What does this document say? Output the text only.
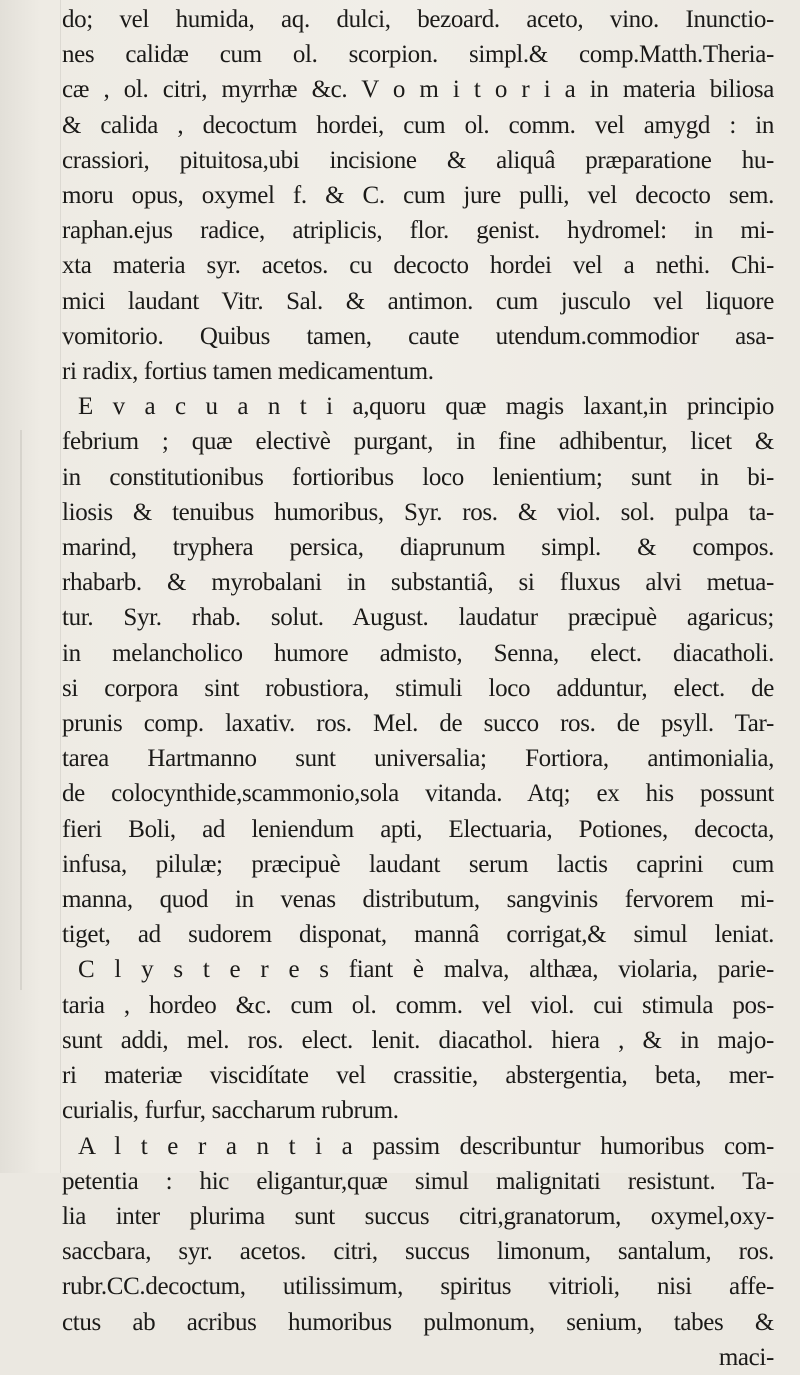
do; vel humida, aq. dulci, bezoard. aceto, vino. Inunctio-
nes calidæ cum ol. scorpion. simpl.& comp.Matth.Theria-
cæ , ol. citri, myrrhæ &c. V o m i t o r i a in materia biliosa
& calida , decoctum hordei, cum ol. comm. vel amygd : in
crassiori, pituitosa,ubi incisione & aliquâ præparatione hu-
moru opus, oxymel f. & C. cum jure pulli, vel decocto sem.
raphan.ejus radice, atriplicis, flor. genist. hydromel: in mi-
xta materia syr. acetos. cu decocto hordei vel a nethi. Chi-
mici laudant Vitr. Sal. & antimon. cum jusculo vel liquore
vomitorio. Quibus tamen, caute utendum.commodior asa-
ri radix, fortius tamen medicamentum.
E v a c u a n t i a,quoru quæ magis laxant,in principio
febrium ; quæ electivè purgant, in fine adhibentur, licet &
in constitutionibus fortioribus loco lenientium; sunt in bi-
liosis & tenuibus humoribus, Syr. ros. & viol. sol. pulpa ta-
marind, tryphera persica, diaprunum simpl. & compos.
rhabarb. & myrobalani in substantiâ, si fluxus alvi metua-
tur. Syr. rhab. solut. August. laudatur præcipuè agaricus;
in melancholico humore admisto, Senna, elect. diacatholi.
si corpora sint robustiora, stimuli loco adduntur, elect. de
prunis comp. laxativ. ros. Mel. de succo ros. de psyll. Tar-
tarea Hartmanno sunt universalia; Fortiora, antimonialia,
de colocynthide,scammonio,sola vitanda. Atq; ex his possunt
fieri Boli, ad leniendum apti, Electuaria, Potiones, decocta,
infusa, pilulæ; præcipuè laudant serum lactis caprini cum
manna, quod in venas distributum, sangvinis fervorem mi-
tiget, ad sudorem disponat, mannâ corrigat,& simul leniat.
C l y s t e r e s fiant è malva, althæa, violaria, parie-
taria , hordeo &c. cum ol. comm. vel viol. cui stimula pos-
sunt addi, mel. ros. elect. lenit. diacathol. hiera , & in majo-
ri materiæ viscidítate vel crassitie, abstergentia, beta, mer-
curialis, furfur, saccharum rubrum.
A l t e r a n t i a passim describuntur humoribus com-
petentia : hic eligantur,quæ simul malignitati resistunt. Ta-
lia inter plurima sunt succus citri,granatorum, oxymel,oxy-
saccbara, syr. acetos. citri, succus limonum, santalum, ros.
rubr.CC.decoctum, utilissimum, spiritus vitrioli, nisi affe-
ctus ab acribus humoribus pulmonum, senium, tabes &
maci-
